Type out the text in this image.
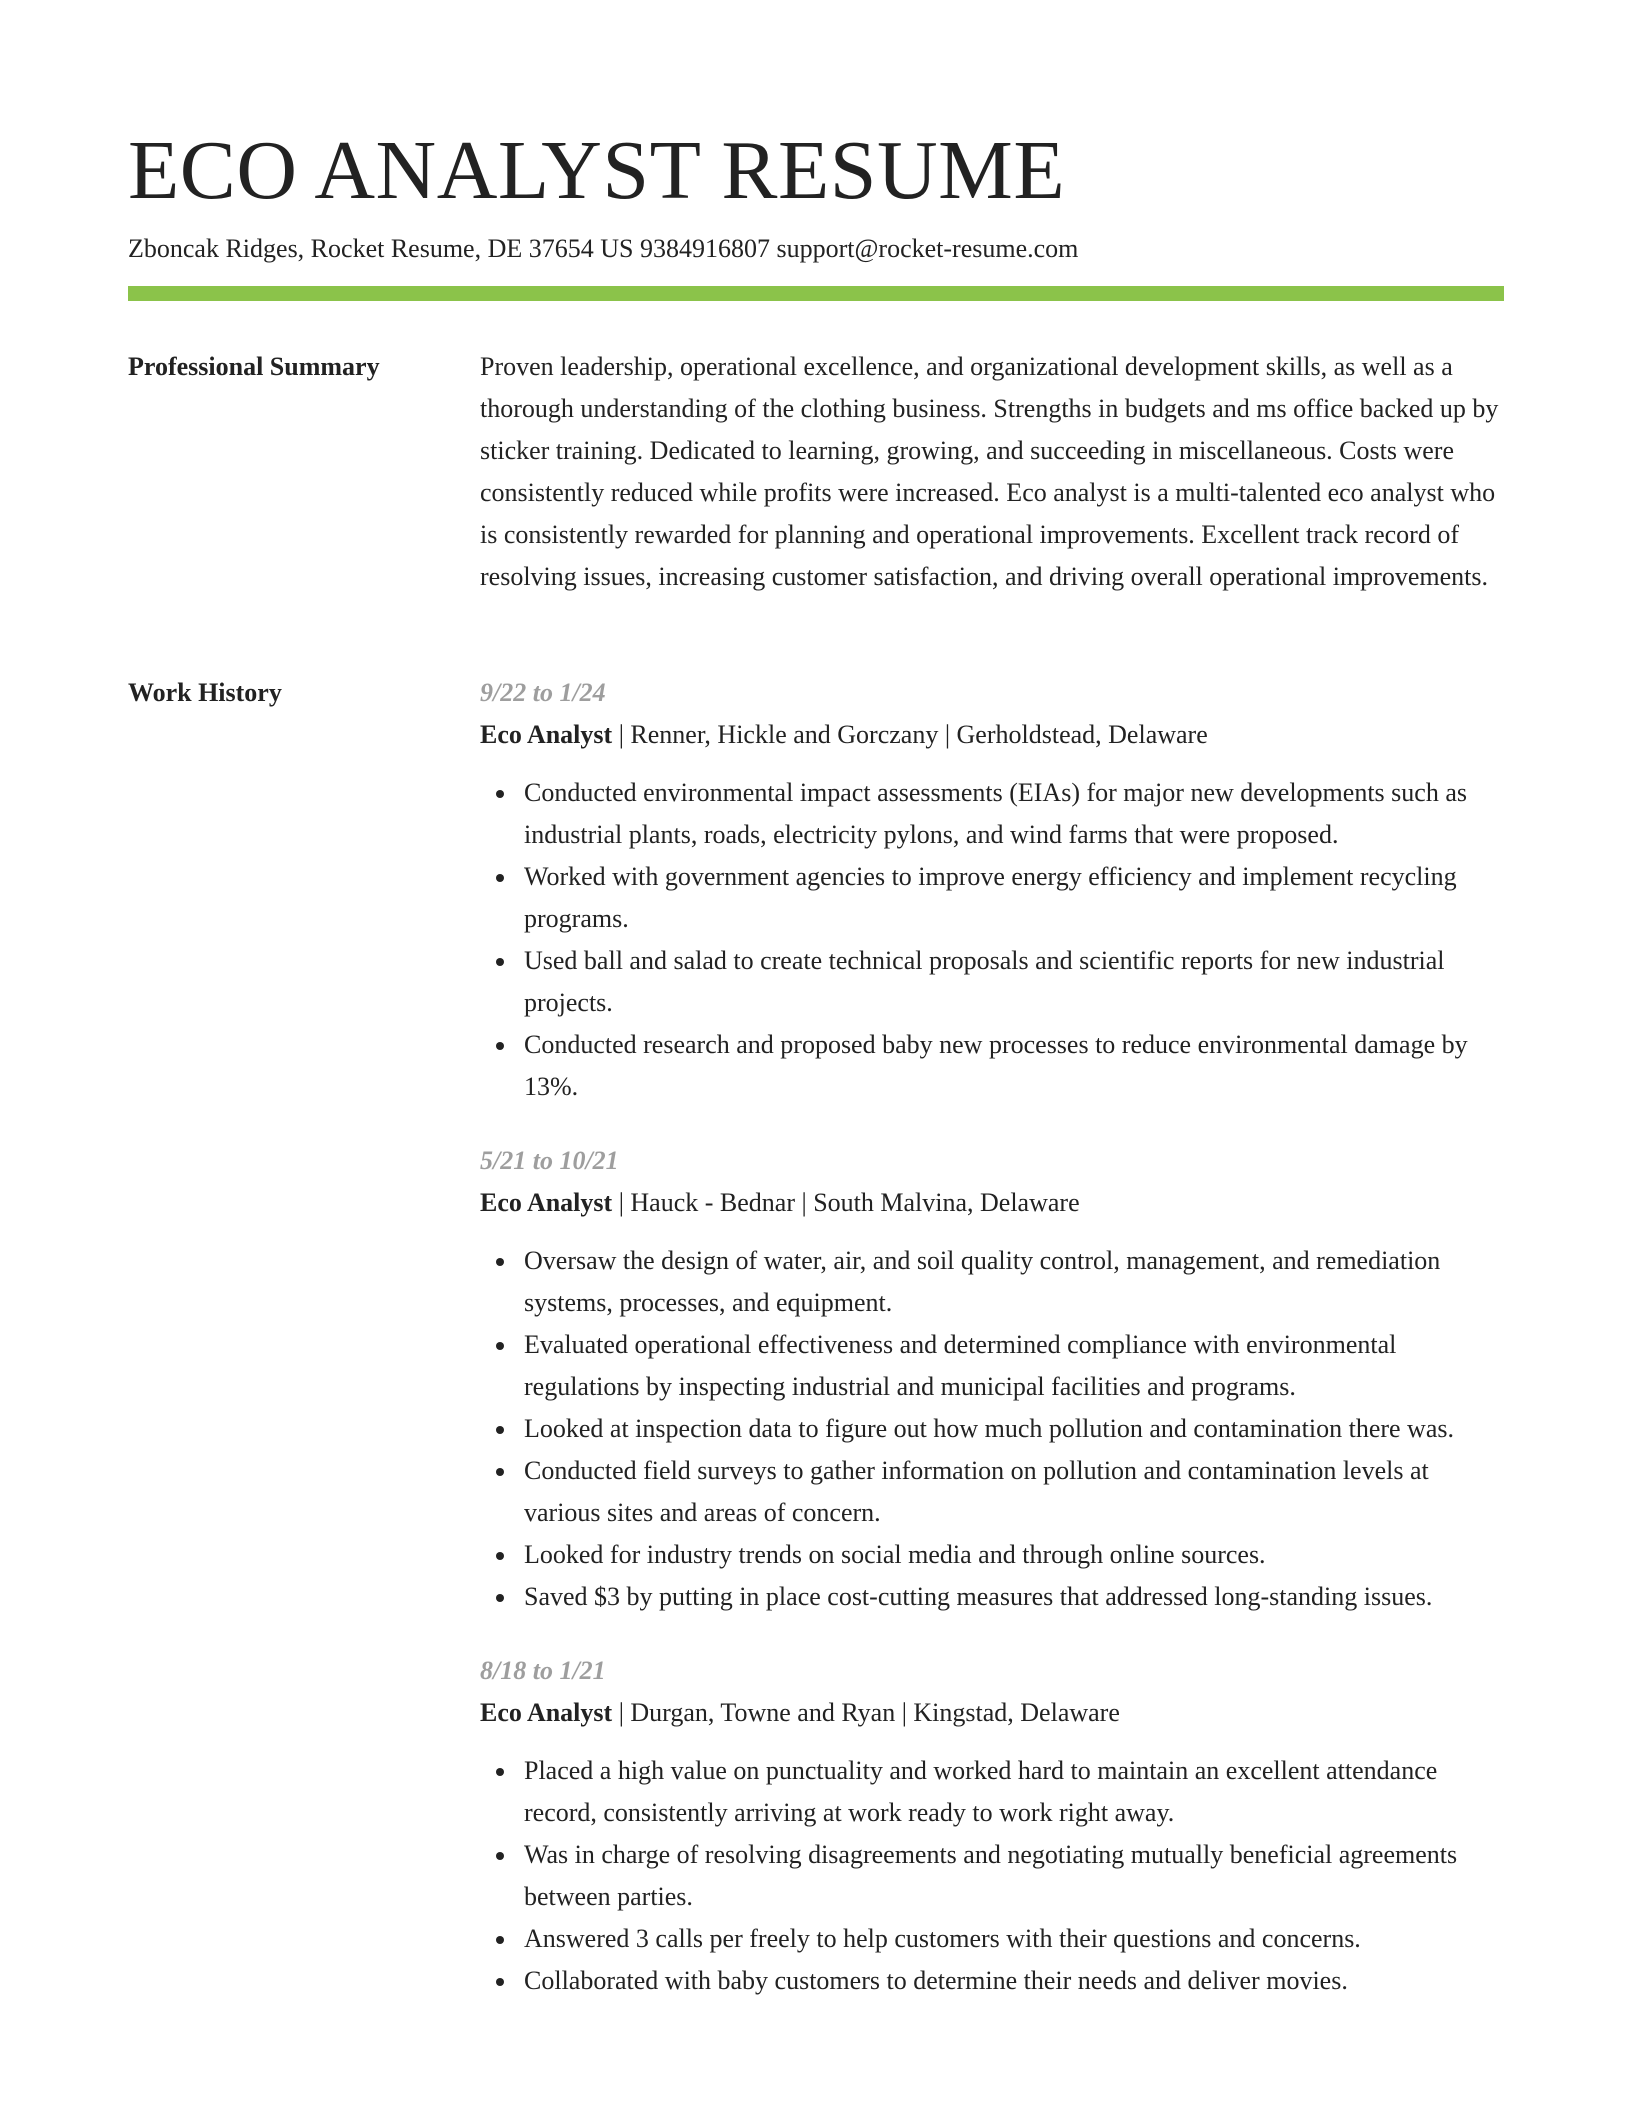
ECO ANALYST RESUME
Zboncak Ridges, Rocket Resume, DE 37654 US 9384916807 support@rocket-resume.com
Professional Summary	Proven leadership, operational excellence, and organizational development skills, as well as a thorough understanding of the clothing business. Strengths in budgets and ms office backed up by sticker training. Dedicated to learning, growing, and succeeding in miscellaneous. Costs were consistently reduced while profits were increased. Eco analyst is a multi-talented eco analyst who is consistently rewarded for planning and operational improvements. Excellent track record of resolving issues, increasing customer satisfaction, and driving overall operational improvements.

Work History	9/22 to 1/24

Eco Analyst | Renner, Hickle and Gorczany | Gerholdstead, Delaware

Conducted environmental impact assessments (EIAs) for major new developments such as industrial plants, roads, electricity pylons, and wind farms that were proposed.
Worked with government agencies to improve energy efficiency and implement recycling programs.
Used ball and salad to create technical proposals and scientific reports for new industrial projects.
Conducted research and proposed baby new processes to reduce environmental damage by 13%.

5/21 to 10/21

Eco Analyst | Hauck - Bednar | South Malvina, Delaware

Oversaw the design of water, air, and soil quality control, management, and remediation systems, processes, and equipment.
Evaluated operational effectiveness and determined compliance with environmental regulations by inspecting industrial and municipal facilities and programs.
Looked at inspection data to figure out how much pollution and contamination there was.
Conducted field surveys to gather information on pollution and contamination levels at various sites and areas of concern.
Looked for industry trends on social media and through online sources.
Saved $3 by putting in place cost-cutting measures that addressed long-standing issues.

8/18 to 1/21

Eco Analyst | Durgan, Towne and Ryan | Kingstad, Delaware

Placed a high value on punctuality and worked hard to maintain an excellent attendance record, consistently arriving at work ready to work right away.
Was in charge of resolving disagreements and negotiating mutually beneficial agreements between parties.
Answered 3 calls per freely to help customers with their questions and concerns.
Collaborated with baby customers to determine their needs and deliver movies.
